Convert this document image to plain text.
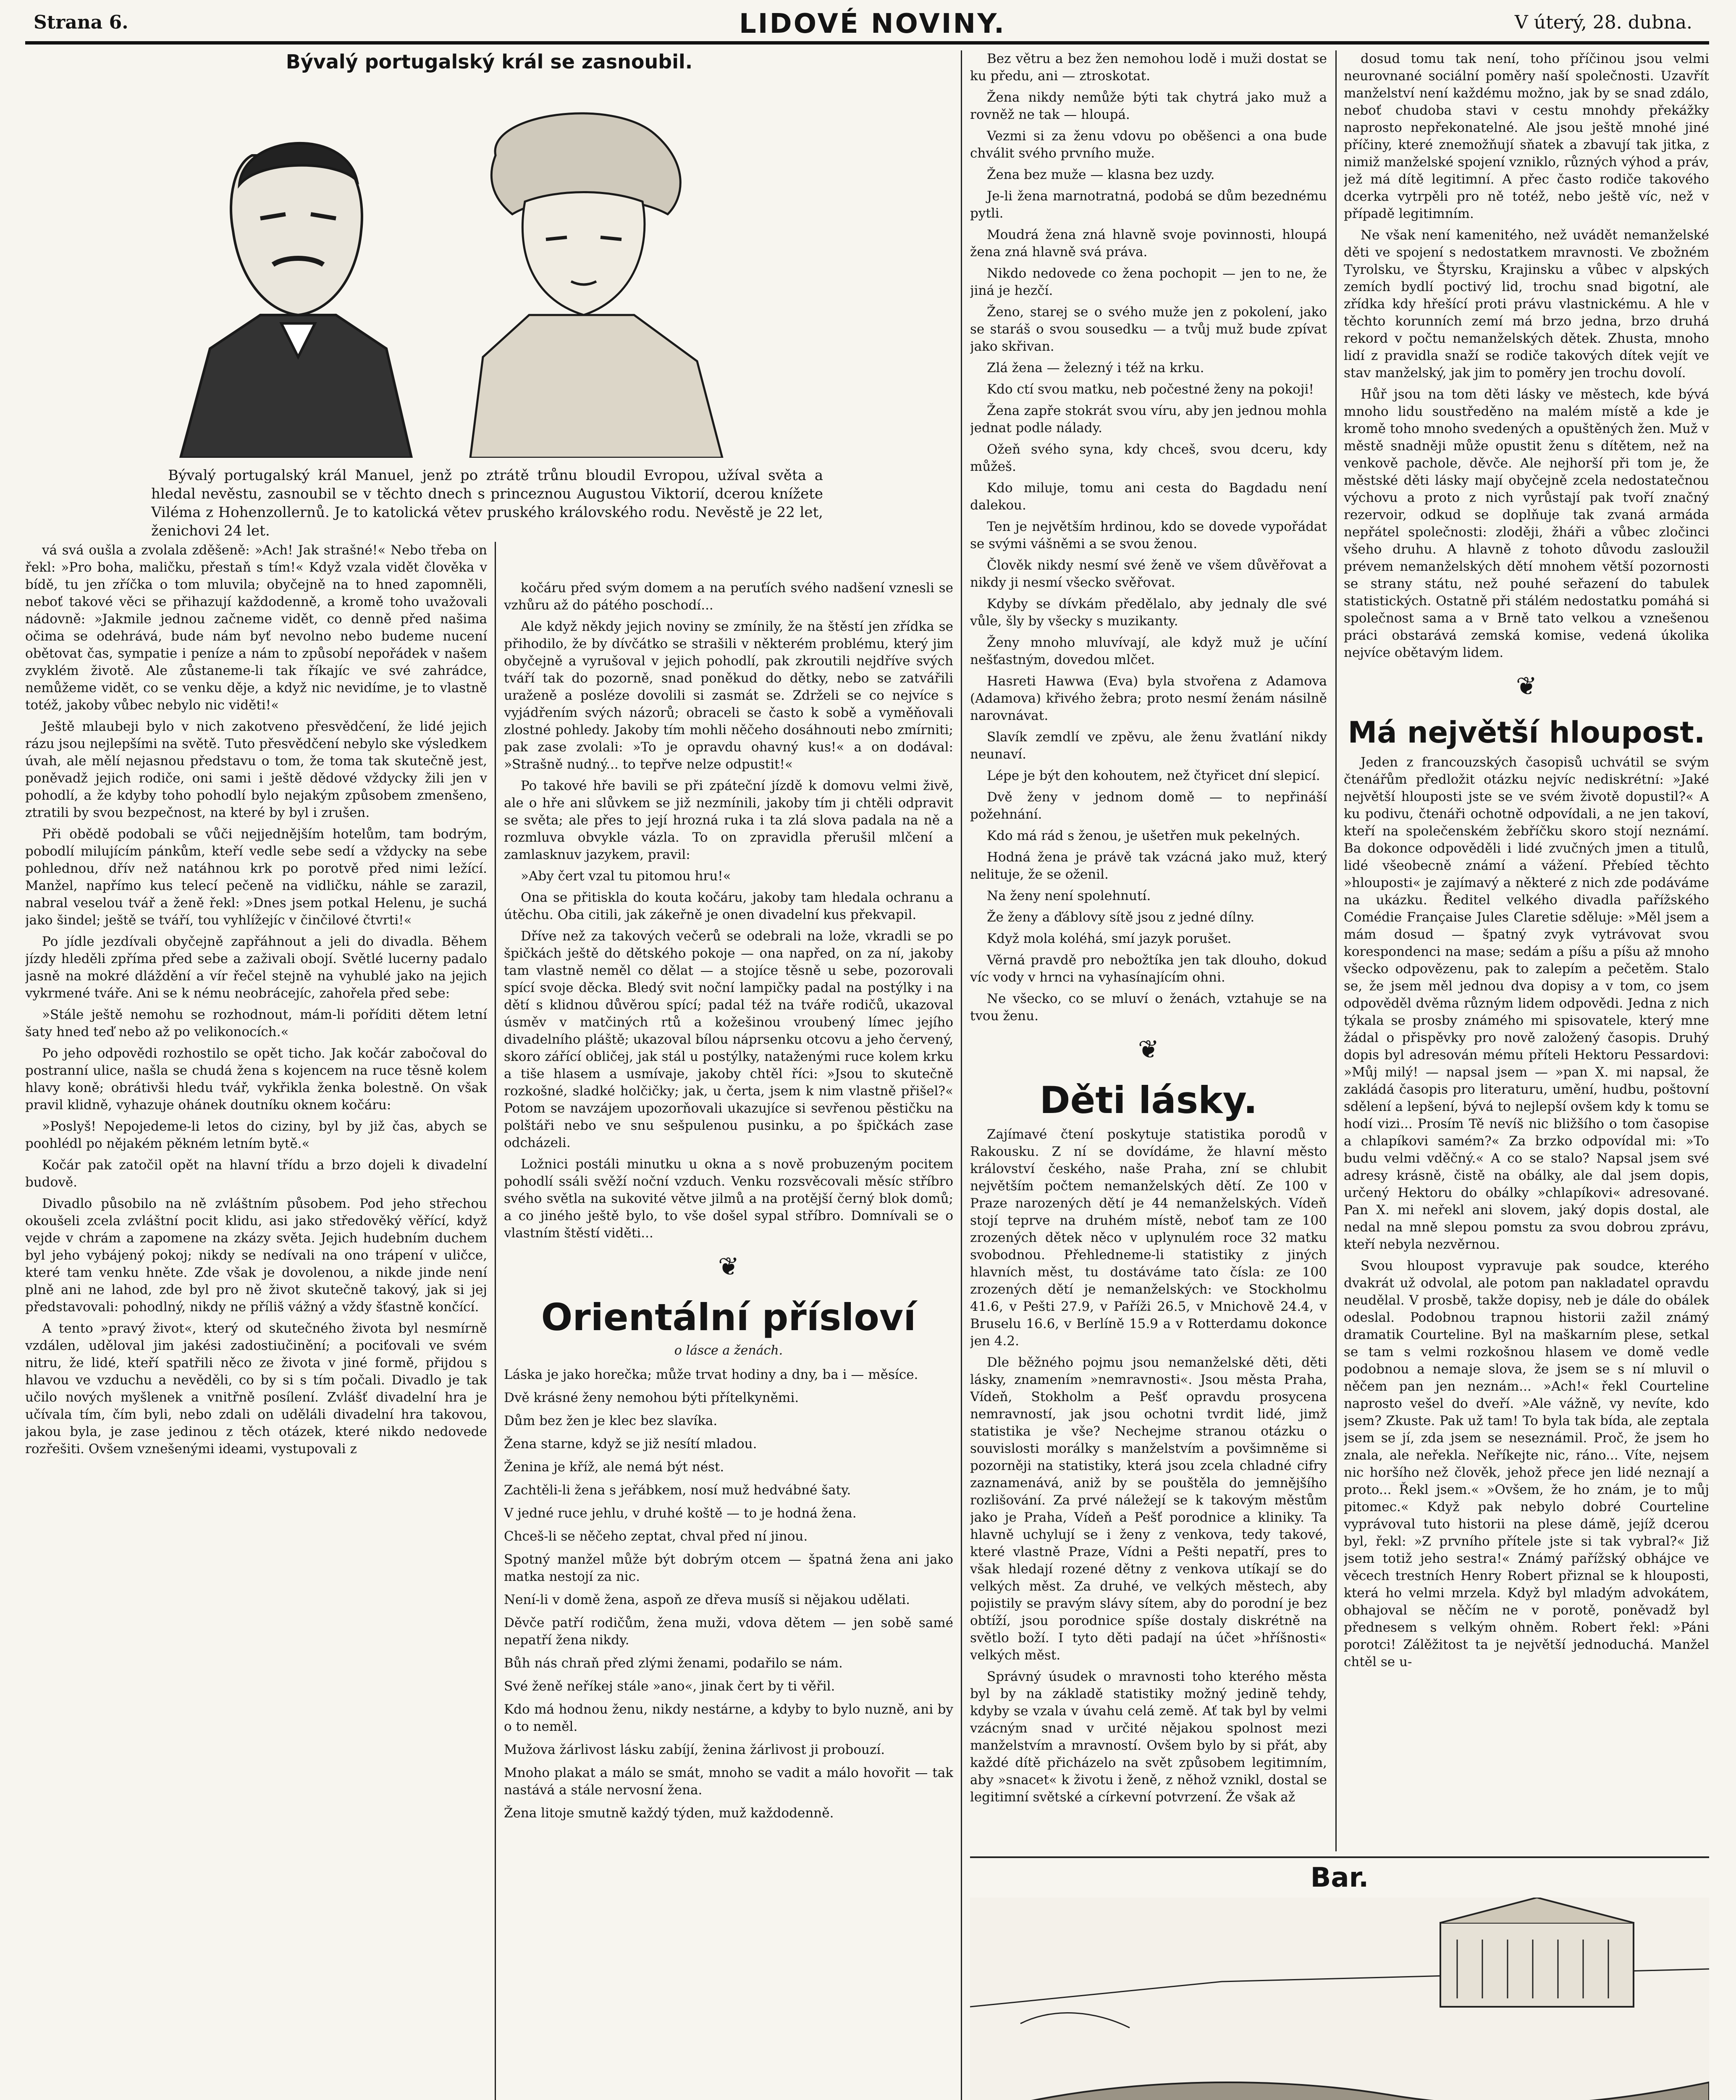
Strana 6.	LIDOVÉ NOVINY.	V úterý, 28. dubna.
Bývalý portugalský král se zasnoubil.

Bývalý portugalský král Manuel, jenž po ztrátě trůnu bloudil Evropou, užíval světa a hledal nevěstu, zasnoubil se v těchto dnech s princeznou Augustou Viktorií, dcerou knížete Viléma z Hohenzollernů. Je to katolická větev pruského královského rodu. Nevěstě je 22 let, ženichovi 24 let.

vá svá oušla a zvolala zděšeně: »Ach! Jak strašné!« Nebo třeba on řekl: »Pro boha, maličku, přestaň s tím!« Když vzala vidět člověka v bídě, tu jen zříčka o tom mluvila; obyčejně na to hned zapomněli, neboť takové věci se přihazují každodenně, a kromě toho uvažovali nádovně: »Jakmile jednou začneme vidět, co denně před našima očima se odehrává, bude nám byť nevolno nebo budeme nucení obětovat čas, sympatie i peníze a nám to způsobí nepořádek v našem zvyklém životě. Ale zůstaneme-li tak říkajíc ve své zahrádce, nemůžeme vidět, co se venku děje, a když nic nevidíme, je to vlastně totéž, jakoby vůbec nebylo nic viděti!«

Ještě mlaubeji bylo v nich zakotveno přesvědčení, že lidé jejich rázu jsou nejlepšími na světě. Tuto přesvědčení nebylo ske výsledkem úvah, ale mělí nejasnou představu o tom, že toma tak skutečně jest, poněvadž jejich rodiče, oni sami i ještě dědové vždycky žili jen v pohodlí, a že kdyby toho pohodlí bylo nejakým způsobem zmenšeno, ztratili by svou bezpečnost, na které by byl i zrušen.

Při obědě podobali se vůči nejjednějším hotelům, tam bodrým, pobodlí milujícím pánkům, kteří vedle sebe sedí a vždycky na sebe pohlednou, dřív než natáhnou krk po porotvě před nimi ležící. Manžel, napřímo kus telecí pečeně na vidličku, náhle se zarazil, nabral veselou tvář a ženě řekl: »Dnes jsem potkal Helenu, je suchá jako šindel; ještě se tváří, tou vyhlížejíc v činčilové čtvrti!«

Po jídle jezdívali obyčejně zapřáhnout a jeli do divadla. Během jízdy hleděli zpříma před sebe a zaživali obojí. Světlé lucerny padalo jasně na mokré dláždění a vír řečel stejně na vyhublé jako na jejich vykrmené tváře. Ani se k nému neobrácejíc, zahořela před sebe:

»Stále ještě nemohu se rozhodnout, mám-li poříditi dětem letní šaty hned teď nebo až po velikonocích.«

Po jeho odpovědi rozhostilo se opět ticho. Jak kočár zabočoval do postranní ulice, našla se chudá žena s kojencem na ruce těsně kolem hlavy koně; obrátivši hledu tvář, vykřikla ženka bolestně. On však pravil klidně, vyhazuje ohánek doutníku oknem kočáru:

»Poslyš! Nepojedeme-li letos do ciziny, byl by již čas, abych se poohlédl po nějakém pěkném letním bytě.«

Kočár pak zatočil opět na hlavní třídu a brzo dojeli k divadelní budově.

Divadlo působilo na ně zvláštním působem. Pod jeho střechou okoušeli zcela zvláštní pocit klidu, asi jako středověký věřící, když vejde v chrám a zapomene na zkázy světa. Jejich hudebním duchem byl jeho vybájený pokoj; nikdy se nedívali na ono trápení v uličce, které tam venku hněte. Zde však je dovolenou, a nikde jinde není plně ani ne lahod, zde byl pro ně život skutečně takový, jak si jej představovali: pohodlný, nikdy ne příliš vážný a vždy šťastně končící.

A tento »pravý život«, který od skutečného života byl nesmírně vzdálen, uděloval jim jakési zadostiučinění; a pociťovali ve svém nitru, že lidé, kteří spatřili něco ze života v jiné formě, přijdou s hlavou ve vzduchu a nevěděli, co by si s tím počali. Divadlo je tak učilo nových myšlenek a vnitřně posílení. Zvlášť divadelní hra je učívala tím, čím byli, nebo zdali on uděláli divadelní hra takovou, jakou byla, je zase jedinou z těch otázek, které nikdo nedovede rozřešiti. Ovšem vznešenými ideami, vystupovali z

kočáru před svým domem a na peruťích svého nadšení vznesli se vzhůru až do pátého poschodí...

Ale když někdy jejich noviny se zmínily, že na štěstí jen zřídka se přihodilo, že by dívčátko se strašili v některém problému, který jim obyčejně a vyrušoval v jejich pohodlí, pak zkroutili nejdříve svých tváří tak do pozorně, snad poněkud do dětky, nebo se zatvářili uraženě a posléze dovolili si zasmát se. Zdrželi se co nejvíce s vyjádřením svých názorů; obraceli se často k sobě a vyměňovali zlostné pohledy. Jakoby tím mohli něčeho dosáhnouti nebo zmírniti; pak zase zvolali: »To je opravdu ohavný kus!« a on dodával: »Strašně nudný... to tepřve nelze odpustit!«

Po takové hře bavili se při zpáteční jízdě k domovu velmi živě, ale o hře ani slůvkem se již nezmínili, jakoby tím ji chtěli odpravit se světa; ale přes to její hrozná ruka i ta zlá slova padala na ně a rozmluva obvykle vázla. To on zpravidla přerušil mlčení a zamlasknuv jazykem, pravil:

»Aby čert vzal tu pitomou hru!«

Ona se přitiskla do kouta kočáru, jakoby tam hledala ochranu a útěchu. Oba citili, jak zákeřně je onen divadelní kus překvapil.

Dříve než za takových večerů se odebrali na lože, vkradli se po špičkách ještě do dětského pokoje — ona napřed, on za ní, jakoby tam vlastně neměl co dělat — a stojíce těsně u sebe, pozorovali spící svoje děcka. Bledý svit noční lampičky padal na postýlky i na dětí s klidnou důvěrou spící; padal též na tváře rodičů, ukazoval úsměv v matčiných rtů a kožešinou vroubený límec jejího divadelního pláště; ukazoval bílou náprsenku otcovu a jeho červený, skoro zářící obličej, jak stál u postýlky, nataženými ruce kolem krku a tiše hlasem a usmívaje, jakoby chtěl říci: »Jsou to skutečně rozkošné, sladké holčičky; jak, u čerta, jsem k nim vlastně přišel?« Potom se navzájem upozorňovali ukazujíce si sevřenou pěstičku na polštáři nebo ve snu sešpulenou pusinku, a po špičkách zase odcházeli.

Ložnici postáli minutku u okna a s nově probuzeným pocitem pohodlí ssáli svěží noční vzduch. Venku rozsvěcovali měsíc stříbro svého světla na sukovité větve jilmů a na protější černý blok domů; a co jiného ještě bylo, to vše došel sypal stříbro. Domnívali se o vlastním štěstí viděti...

❦
Orientální přísloví
o lásce a ženách.

Láska je jako horečka; může trvat hodiny a dny, ba i — měsíce.

Dvě krásné ženy nemohou býti přítelkyněmi.

Dům bez žen je klec bez slavíka.

Žena starne, když se již nesítí mladou.

Ženina je kříž, ale nemá být nést.

Zachtěli-li žena s jeřábkem, nosí muž hedvábné šaty.

V jedné ruce jehlu, v druhé koště — to je hodná žena.

Chceš-li se něčeho zeptat, chval před ní jinou.

Spotný manžel může být dobrým otcem — špatná žena ani jako matka nestojí za nic.

Není-li v domě žena, aspoň ze dřeva musíš si nějakou udělati.

Děvče patří rodičům, žena muži, vdova dětem — jen sobě samé nepatří žena nikdy.

Bůh nás chraň před zlými ženami, podařilo se nám.

Své ženě neříkej stále »ano«, jinak čert by ti věřil.

Kdo má hodnou ženu, nikdy nestárne, a kdyby to bylo nuzně, ani by o to neměl.

Mužova žárlivost lásku zabíjí, ženina žárlivost ji probouzí.

Mnoho plakat a málo se smát, mnoho se vadit a málo hovořit — tak nastává a stále nervosní žena.

Žena litoje smutně každý týden, muž každodenně.

Bez větru a bez žen nemohou lodě i muži dostat se ku předu, ani — ztroskotat.

Žena nikdy nemůže býti tak chytrá jako muž a rovněž ne tak — hloupá.

Vezmi si za ženu vdovu po oběšenci a ona bude chválit svého prvního muže.

Žena bez muže — klasna bez uzdy.

Je-li žena marnotratná, podobá se dům bezednému pytli.

Moudrá žena zná hlavně svoje povinnosti, hloupá žena zná hlavně svá práva.

Nikdo nedovede co žena pochopit — jen to ne, že jiná je hezčí.

Ženo, starej se o svého muže jen z pokolení, jako se staráš o svou sousedku — a tvůj muž bude zpívat jako skřivan.

Zlá žena — železný i též na krku.

Kdo ctí svou matku, neb počestné ženy na pokoji!

Žena zapře stokrát svou víru, aby jen jednou mohla jednat podle nálady.

Ožeň svého syna, kdy chceš, svou dceru, kdy můžeš.

Kdo miluje, tomu ani cesta do Bagdadu není dalekou.

Ten je největším hrdinou, kdo se dovede vypořádat se svými vášněmi a se svou ženou.

Člověk nikdy nesmí své ženě ve všem důvěřovat a nikdy ji nesmí všecko svěřovat.

Kdyby se dívkám předělalo, aby jednaly dle své vůle, šly by všecky s muzikanty.

Ženy mnoho mluvívají, ale když muž je učíní nešťastným, dovedou mlčet.

Hasreti Hawwa (Eva) byla stvořena z Adamova (Adamova) křivého žebra; proto nesmí ženám násilně narovnávat.

Slavík zemdlí ve zpěvu, ale ženu žvatlání nikdy neunaví.

Lépe je být den kohoutem, než čtyřicet dní slepicí.

Dvě ženy v jednom domě — to nepřináší požehnání.

Kdo má rád s ženou, je ušetřen muk pekelných.

Hodná žena je právě tak vzácná jako muž, který nelituje, že se oženil.

Na ženy není spolehnutí.

Že ženy a ďáblovy sítě jsou z jedné dílny.

Když mola koléhá, smí jazyk porušet.

Věrná pravdě pro nebožtíka jen tak dlouho, dokud víc vody v hrnci na vyhasínajícím ohni.

Ne všecko, co se mluví o ženách, vztahuje se na tvou ženu.

❦
Děti lásky.

Zajímavé čtení poskytuje statistika porodů v Rakousku. Z ní se dovídáme, že hlavní město království českého, naše Praha, zní se chlubit největším počtem nemanželských dětí. Ze 100 v Praze narozených dětí je 44 nemanželských. Vídeň stojí teprve na druhém místě, neboť tam ze 100 zrozených dětek něco v uplynulém roce 32 matku svobodnou. Přehledneme-li statistiky z jiných hlavních měst, tu dostáváme tato čísla: ze 100 zrozených dětí je nemanželských: ve Stockholmu 41.6, v Pešti 27.9, v Paříži 26.5, v Mnichově 24.4, v Bruselu 16.6, v Berlíně 15.9 a v Rotterdamu dokonce jen 4.2.

Dle běžného pojmu jsou nemanželské děti, děti lásky, znamením »nemravnosti«. Jsou města Praha, Vídeň, Stokholm a Pešť opravdu prosycena nemravností, jak jsou ochotni tvrdit lidé, jimž statistika je vše? Nechejme stranou otázku o souvislosti morálky s manželstvím a povšimněme si pozorněji na statistiky, která jsou zcela chladné cifry zaznamenává, aniž by se pouštěla do jemnějšího rozlišování. Za prvé náležejí se k takovým městům jako je Praha, Vídeň a Pešť porodnice a kliniky. Ta hlavně uchylují se i ženy z venkova, tedy takové, které vlastně Praze, Vídni a Pešti nepatří, pres to však hledají rozené dětny z venkova utíkají se do velkých měst. Za druhé, ve velkých městech, aby pojistily se pravým slávy sítem, aby do porodní je bez obtíží, jsou porodnice spíše dostaly diskrétně na světlo boží. I tyto děti padají na účet »hříšnosti« velkých měst.

Správný úsudek o mravnosti toho kterého města byl by na základě statistiky možný jedině tehdy, kdyby se vzala v úvahu celá země. Ať tak byl by velmi vzácným snad v určité nějakou spolnost mezi manželstvím a mravností. Ovšem bylo by si přát, aby každé dítě přicházelo na svět způsobem legitimním, aby »snacet« k životu i ženě, z něhož vznikl, dostal se legitimní světské a církevní potvrzení. Že však až

dosud tomu tak není, toho příčinou jsou velmi neurovnané sociální poměry naší společnosti. Uzavřít manželství není každému možno, jak by se snad zdálo, neboť chudoba stavi v cestu mnohdy překážky naprosto nepřekonatelné. Ale jsou ještě mnohé jiné příčiny, které znemožňují sňatek a zbavují tak jitka, z nimiž manželské spojení vzniklo, různých výhod a práv, jež má dítě legitimní. A přec často rodiče takového dcerka vytrpěli pro ně totéž, nebo ještě víc, než v případě legitimním.

Ne však není kamenitého, než uvádět nemanželské děti ve spojení s nedostatkem mravnosti. Ve zbožném Tyrolsku, ve Štyrsku, Krajinsku a vůbec v alpských zemích bydlí poctivý lid, trochu snad bigotní, ale zřídka kdy hřešící proti právu vlastnickému. A hle v těchto korunních zemí má brzo jedna, brzo druhá rekord v počtu nemanželských dětek. Zhusta, mnoho lidí z pravidla snaží se rodiče takových dítek vejít ve stav manželský, jak jim to poměry jen trochu dovolí.

Hůř jsou na tom děti lásky ve městech, kde bývá mnoho lidu soustředěno na malém místě a kde je kromě toho mnoho svedených a opuštěných žen. Muž v městě snadněji může opustit ženu s dítětem, než na venkově pachole, děvče. Ale nejhorší při tom je, že městské děti lásky mají obyčejně zcela nedostatečnou výchovu a proto z nich vyrůstají pak tvoří značný rezervoir, odkud se doplňuje tak zvaná armáda nepřátel společnosti: zloději, žháři a vůbec zločinci všeho druhu. A hlavně z tohoto důvodu zasloužil prévem nemanželských dětí mnohem větší pozornosti se strany státu, než pouhé seřazení do tabulek statistických. Ostatně při stálém nedostatku pomáhá si společnost sama a v Brně tato velkou a vznešenou práci obstarává zemská komise, vedená úkolika nejvíce obětavým lidem.

❦
Má největší hloupost.

Jeden z francouzských časopisů uchvátil se svým čtenářům předložit otázku nejvíc nediskrétní: »Jaké největší hlouposti jste se ve svém životě dopustil?« A ku podivu, čtenáři ochotně odpovídali, a ne jen takoví, kteří na společenském žebříčku skoro stojí neznámí. Ba dokonce odpověděli i lidé zvučných jmen a titulů, lidé všeobecně známí a vážení. Přebíed těchto »hlouposti« je zajímavý a některé z nich zde podáváme na ukázku. Ředitel velkého divadla pařížského Comédie Française Jules Claretie sděluje: »Měl jsem a mám dosud — špatný zvyk vytrávovat svou korespondenci na mase; sedám a píšu a píšu až mnoho všecko odpovězenu, pak to zalepím a pečetěm. Stalo se, že jsem měl jednou dva dopisy a v tom, co jsem odpověděl dvěma různým lidem odpovědi. Jedna z nich týkala se prosby známého mi spisovatele, který mne žádal o přispěvky pro nově založený časopis. Druhý dopis byl adresován mému příteli Hektoru Pessardovi: »Můj milý! — napsal jsem — »pan X. mi napsal, že zakládá časopis pro literaturu, umění, hudbu, poštovní sdělení a lepšení, bývá to nejlepší ovšem kdy k tomu se hodí vizi... Prosím Tě nevíš nic bližšího o tom časopise a chlapíkovi samém?« Za brzko odpovídal mi: »To budu velmi vděčný.« A co se stalo? Napsal jsem své adresy krásně, čistě na obálky, ale dal jsem dopis, určený Hektoru do obálky »chlapíkovi« adresované. Pan X. mi neřekl ani slovem, jaký dopis dostal, ale nedal na mně slepou pomstu za svou dobrou zprávu, kteří nebyla nezvěrnou.

Svou hloupost vypravuje pak soudce, kterého dvakrát už odvolal, ale potom pan nakladatel opravdu neudělal. V prosbě, takže dopisy, neb je dále do obálek odeslal. Podobnou trapnou historii zažil známý dramatik Courteline. Byl na maškarním plese, setkal se tam s velmi rozkošnou hlasem ve domě vedle podobnou a nemaje slova, že jsem se s ní mluvil o něčem pan jen neznám... »Ach!« řekl Courteline naprosto vešel do dveří. »Ale vážně, vy nevíte, kdo jsem? Zkuste. Pak už tam! To byla tak bída, ale zeptala jsem se jí, zda jsem se neseznámil. Proč, že jsem ho znala, ale neřekla. Neříkejte nic, ráno... Víte, nejsem nic horšího než člověk, jehož přece jen lidé neznají a proto... Řekl jsem.« »Ovšem, že ho znám, je to můj pitomec.« Když pak nebylo dobré Courteline vyprávoval tuto historii na plese dámě, jejíž dcerou byl, řekl: »Z prvního přítele jste si tak vybral?« Již jsem totiž jeho sestra!« Známý pařížský obhájce ve věcech trestních Henry Robert přiznal se k hlouposti, která ho velmi mrzela. Když byl mladým advokátem, obhajoval se něčím ne v porotě, poněvadž byl přednesem s velkým ohněm. Robert řekl: »Páni porotci! Zálěžitost ta je největší jednoduchá. Manžel chtěl se u-

Bar.
